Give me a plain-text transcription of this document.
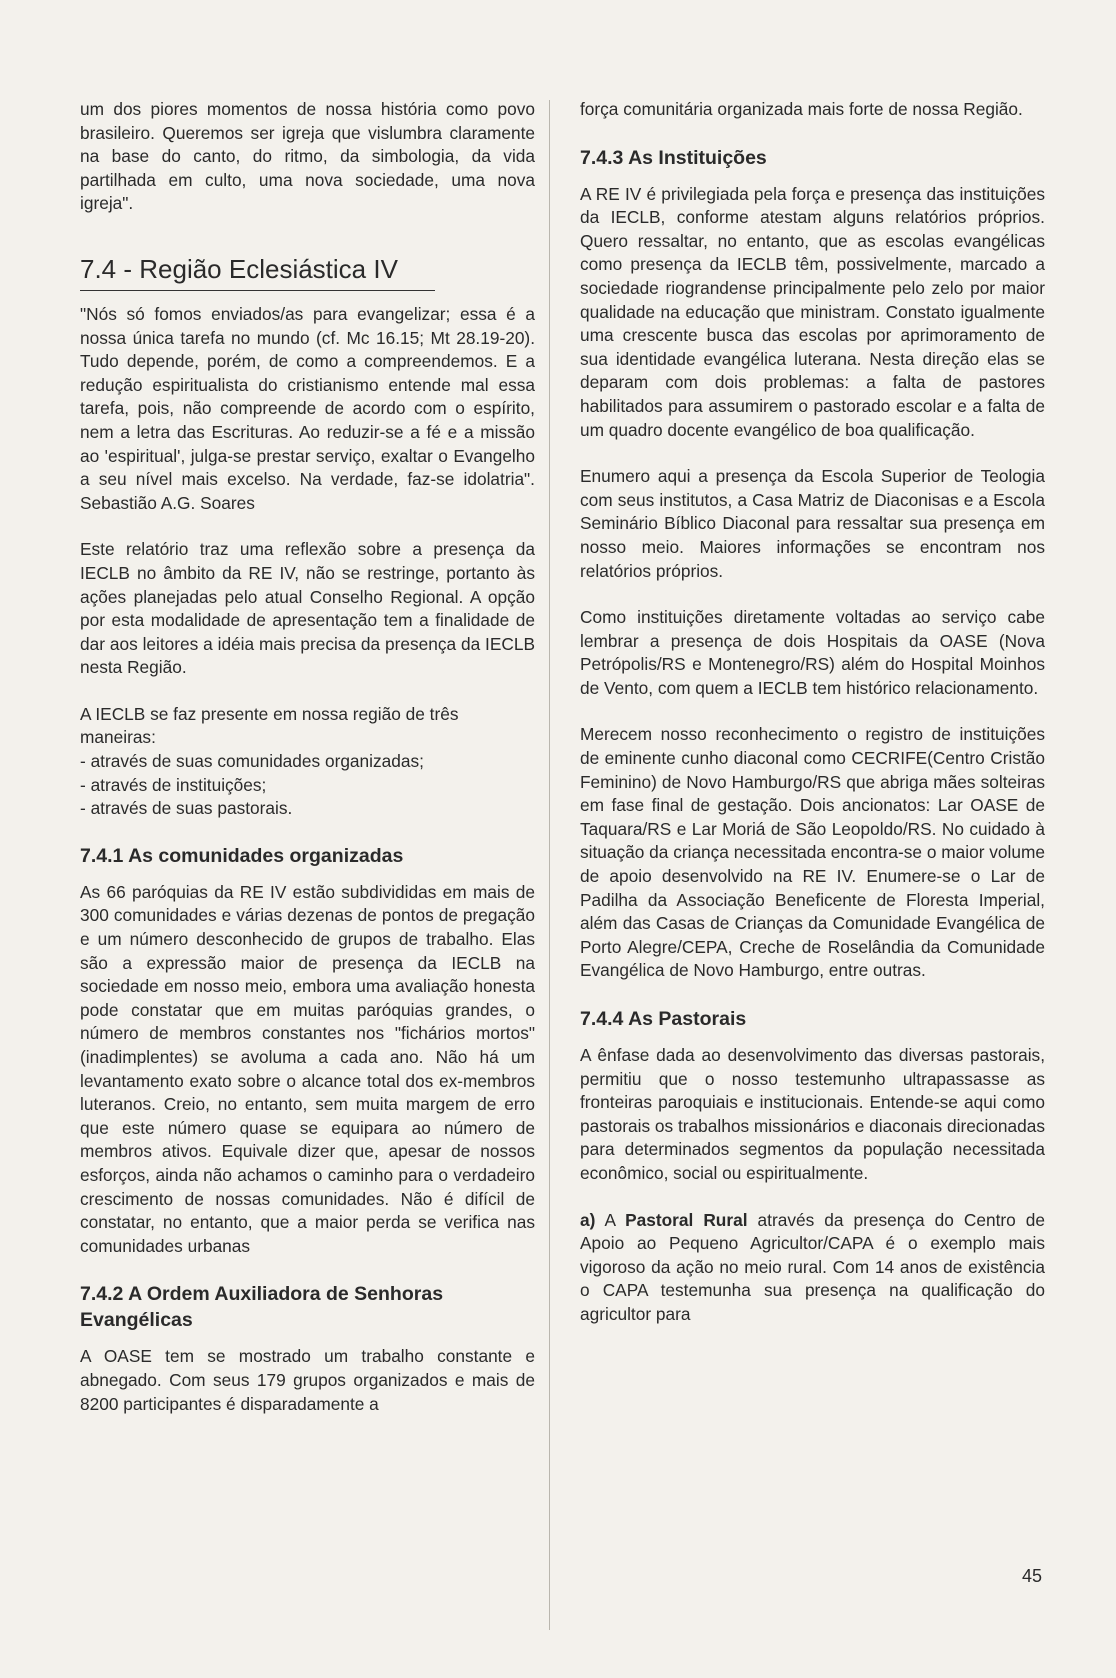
um dos piores momentos de nossa história como povo brasileiro. Queremos ser igreja que vislumbra claramente na base do canto, do ritmo, da simbologia, da vida partilhada em culto, uma nova sociedade, uma nova igreja".

7.4 - Região Eclesiástica IV

"Nós só fomos enviados/as para evangelizar; essa é a nossa única tarefa no mundo (cf. Mc 16.15; Mt 28.19-20). Tudo depende, porém, de como a compreendemos. E a redução espiritualista do cristianismo entende mal essa tarefa, pois, não compreende de acordo com o espírito, nem a letra das Escrituras. Ao reduzir-se a fé e a missão ao 'espiritual', julga-se prestar serviço, exaltar o Evangelho a seu nível mais excelso. Na verdade, faz-se idolatria". Sebastião A.G. Soares

Este relatório traz uma reflexão sobre a presença da IECLB no âmbito da RE IV, não se restringe, portanto às ações planejadas pelo atual Conselho Regional. A opção por esta modalidade de apresentação tem a finalidade de dar aos leitores a idéia mais precisa da presença da IECLB nesta Região.

A IECLB se faz presente em nossa região de três maneiras:

- através de suas comunidades organizadas;
- através de instituições;
- através de suas pastorais.
7.4.1 As comunidades organizadas

As 66 paróquias da RE IV estão subdivididas em mais de 300 comunidades e várias dezenas de pontos de pregação e um número desconhecido de grupos de trabalho. Elas são a expressão maior de presença da IECLB na sociedade em nosso meio, embora uma avaliação honesta pode constatar que em muitas paróquias grandes, o número de membros constantes nos "fichários mortos"(inadimplentes) se avoluma a cada ano. Não há um levantamento exato sobre o alcance total dos ex-membros luteranos. Creio, no entanto, sem muita margem de erro que este número quase se equipara ao número de membros ativos. Equivale dizer que, apesar de nossos esforços, ainda não achamos o caminho para o verdadeiro crescimento de nossas comunidades. Não é difícil de constatar, no entanto, que a maior perda se verifica nas comunidades urbanas

7.4.2 A Ordem Auxiliadora de Senhoras Evangélicas

A OASE tem se mostrado um trabalho constante e abnegado. Com seus 179 grupos organizados e mais de 8200 participantes é disparadamente a

força comunitária organizada mais forte de nossa Região.

7.4.3 As Instituições

A RE IV é privilegiada pela força e presença das instituições da IECLB, conforme atestam alguns relatórios próprios. Quero ressaltar, no entanto, que as escolas evangélicas como presença da IECLB têm, possivelmente, marcado a sociedade riograndense principalmente pelo zelo por maior qualidade na educação que ministram. Constato igualmente uma crescente busca das escolas por aprimoramento de sua identidade evangélica luterana. Nesta direção elas se deparam com dois problemas: a falta de pastores habilitados para assumirem o pastorado escolar e a falta de um quadro docente evangélico de boa qualificação.

Enumero aqui a presença da Escola Superior de Teologia com seus institutos, a Casa Matriz de Diaconisas e a Escola Seminário Bíblico Diaconal para ressaltar sua presença em nosso meio. Maiores informações se encontram nos relatórios próprios.

Como instituições diretamente voltadas ao serviço cabe lembrar a presença de dois Hospitais da OASE (Nova Petrópolis/RS e Montenegro/RS) além do Hospital Moinhos de Vento, com quem a IECLB tem histórico relacionamento.

Merecem nosso reconhecimento o registro de instituições de eminente cunho diaconal como CECRIFE(Centro Cristão Feminino) de Novo Hamburgo/RS que abriga mães solteiras em fase final de gestação. Dois ancionatos: Lar OASE de Taquara/RS e Lar Moriá de São Leopoldo/RS. No cuidado à situação da criança necessitada encontra-se o maior volume de apoio desenvolvido na RE IV. Enumere-se o Lar de Padilha da Associação Beneficente de Floresta Imperial, além das Casas de Crianças da Comunidade Evangélica de Porto Alegre/CEPA, Creche de Roselândia da Comunidade Evangélica de Novo Hamburgo, entre outras.

7.4.4 As Pastorais

A ênfase dada ao desenvolvimento das diversas pastorais, permitiu que o nosso testemunho ultrapassasse as fronteiras paroquiais e institucionais. Entende-se aqui como pastorais os trabalhos missionários e diaconais direcionadas para determinados segmentos da população necessitada econômico, social ou espiritualmente.

a) A Pastoral Rural através da presença do Centro de Apoio ao Pequeno Agricultor/CAPA é o exemplo mais vigoroso da ação no meio rural. Com 14 anos de existência o CAPA testemunha sua presença na qualificação do agricultor para

45
